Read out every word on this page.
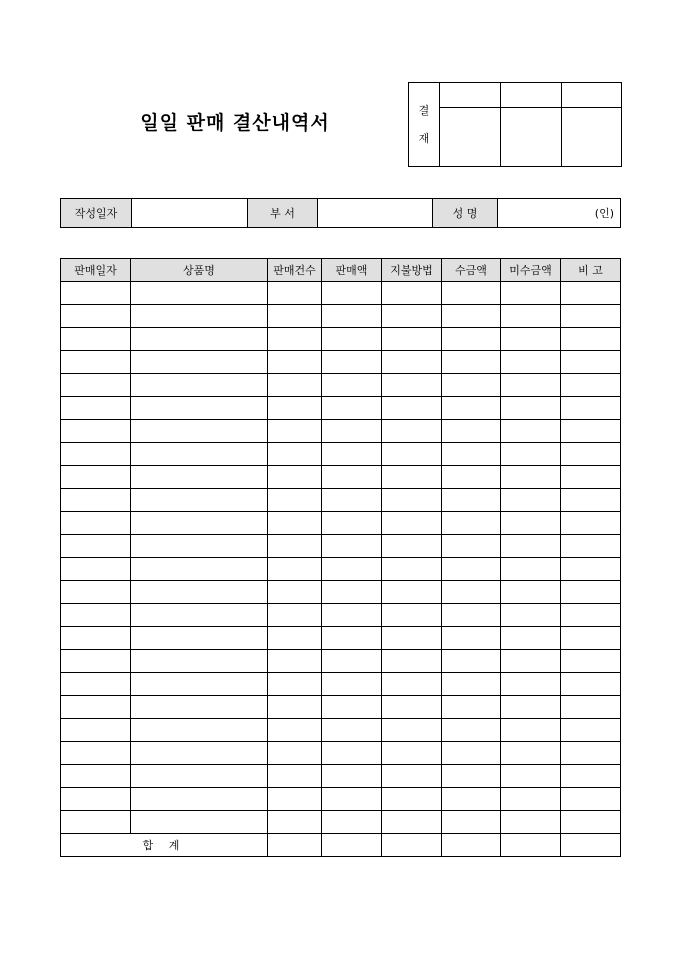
일일 판매 결산내역서
결
재			

작성일자		부 서		성 명	(인)
판매일자	상품명	판매건수	판매액	지불방법	수금액	미수금액	비 고

합 계							
